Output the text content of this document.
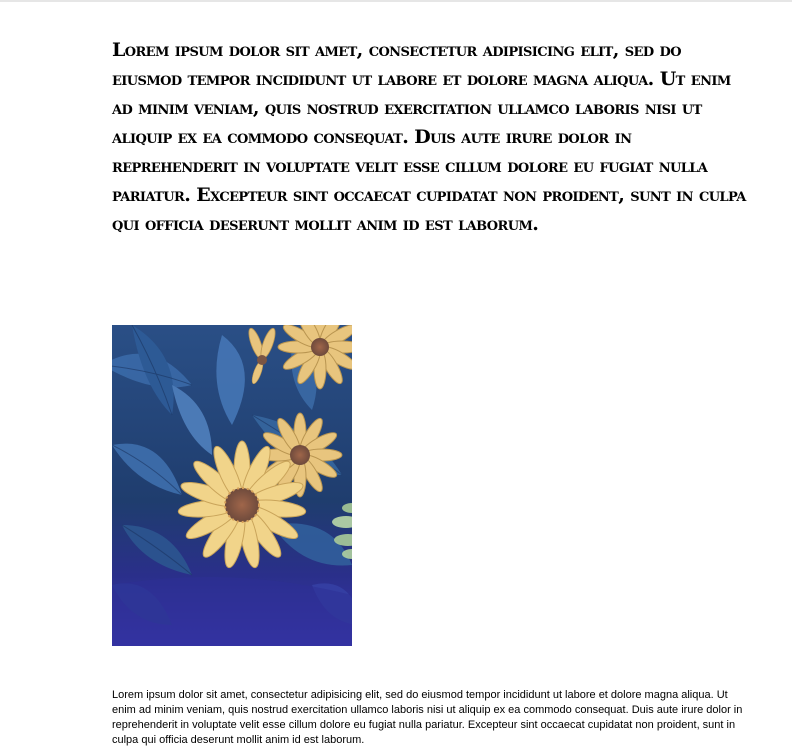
Lorem ipsum dolor sit amet, consectetur adipisicing elit, sed do eiusmod tempor incididunt ut labore et dolore magna aliqua. Ut enim ad minim veniam, quis nostrud exercitation ullamco laboris nisi ut aliquip ex ea commodo consequat. Duis aute irure dolor in reprehenderit in voluptate velit esse cillum dolore eu fugiat nulla pariatur. Excepteur sint occaecat cupidatat non proident, sunt in culpa qui officia deserunt mollit anim id est laborum.

Lorem ipsum dolor sit amet, consectetur adipisicing elit, sed do eiusmod tempor incididunt ut labore et dolore magna aliqua. Ut enim ad minim veniam, quis nostrud exercitation ullamco laboris nisi ut aliquip ex ea commodo consequat. Duis aute irure dolor in reprehenderit in voluptate velit esse cillum dolore eu fugiat nulla pariatur. Excepteur sint occaecat cupidatat non proident, sunt in culpa qui officia deserunt mollit anim id est laborum.
